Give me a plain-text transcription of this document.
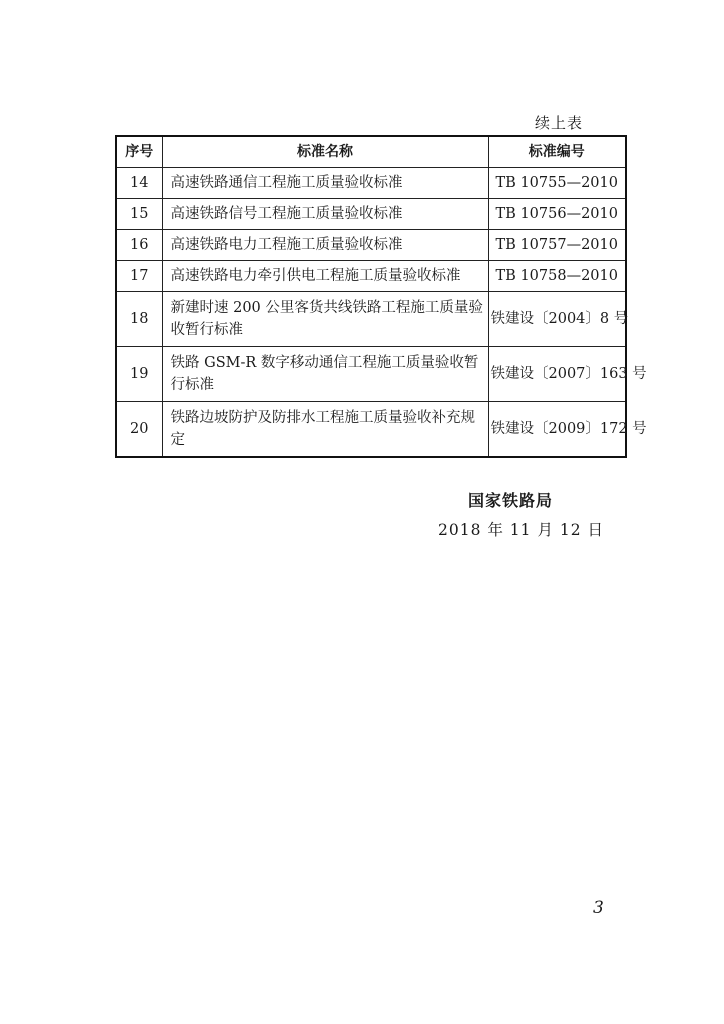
续上表
序号	标准名称	标准编号
14	高速铁路通信工程施工质量验收标准	TB 10755—2010
15	高速铁路信号工程施工质量验收标准	TB 10756—2010
16	高速铁路电力工程施工质量验收标准	TB 10757—2010
17	高速铁路电力牵引供电工程施工质量验收标准	TB 10758—2010
18	新建时速 200 公里客货共线铁路工程施工质量验收暂行标准	铁建设〔2004〕8 号
19	铁路 GSM-R 数字移动通信工程施工质量验收暂行标准	铁建设〔2007〕163 号
20	铁路边坡防护及防排水工程施工质量验收补充规定	铁建设〔2009〕172 号
国家铁路局
2018 年 11 月 12 日
3
